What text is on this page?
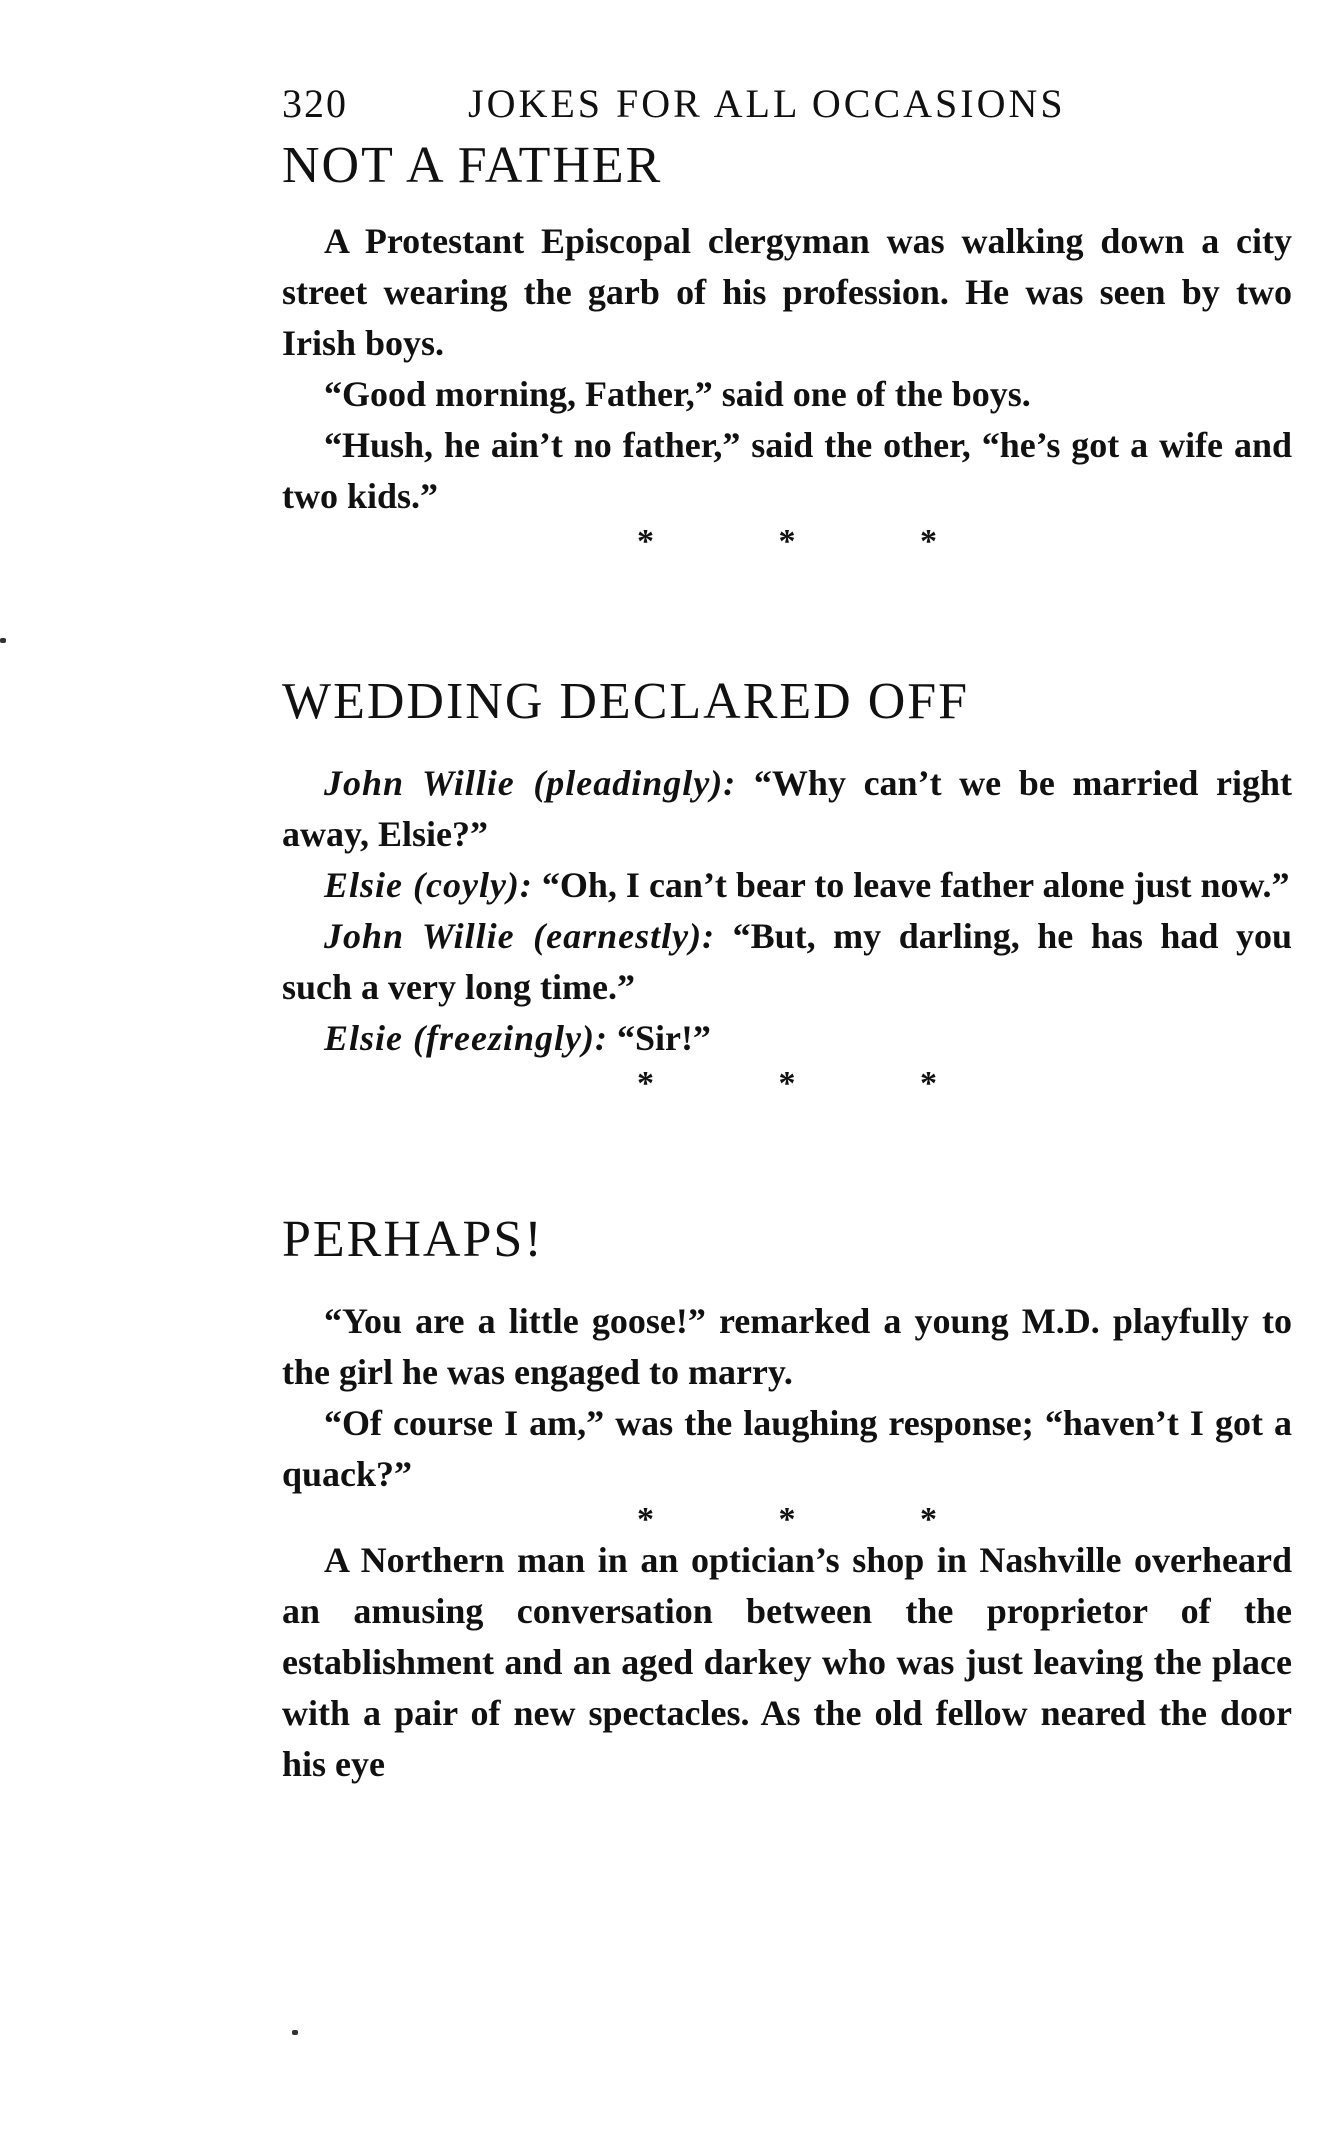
320	JOKES FOR ALL OCCASIONS
NOT A FATHER

A Protestant Episcopal clergyman was walking down a city street wearing the garb of his profession. He was seen by two Irish boys.

“Good morning, Father,” said one of the boys.

“Hush, he ain’t no father,” said the other, “he’s got a wife and two kids.”

* * *
WEDDING DECLARED OFF

John Willie (pleadingly): “Why can’t we be married right away, Elsie?”

Elsie (coyly): “Oh, I can’t bear to leave father alone just now.”

John Willie (earnestly): “But, my darling, he has had you such a very long time.”

Elsie (freezingly): “Sir!”

* * *
PERHAPS!

“You are a little goose!” remarked a young M.D. playfully to the girl he was engaged to marry.

“Of course I am,” was the laughing response; “haven’t I got a quack?”

* * *

A Northern man in an optician’s shop in Nashville overheard an amusing conversation between the proprietor of the establishment and an aged darkey who was just leaving the place with a pair of new spectacles. As the old fellow neared the door his eye
